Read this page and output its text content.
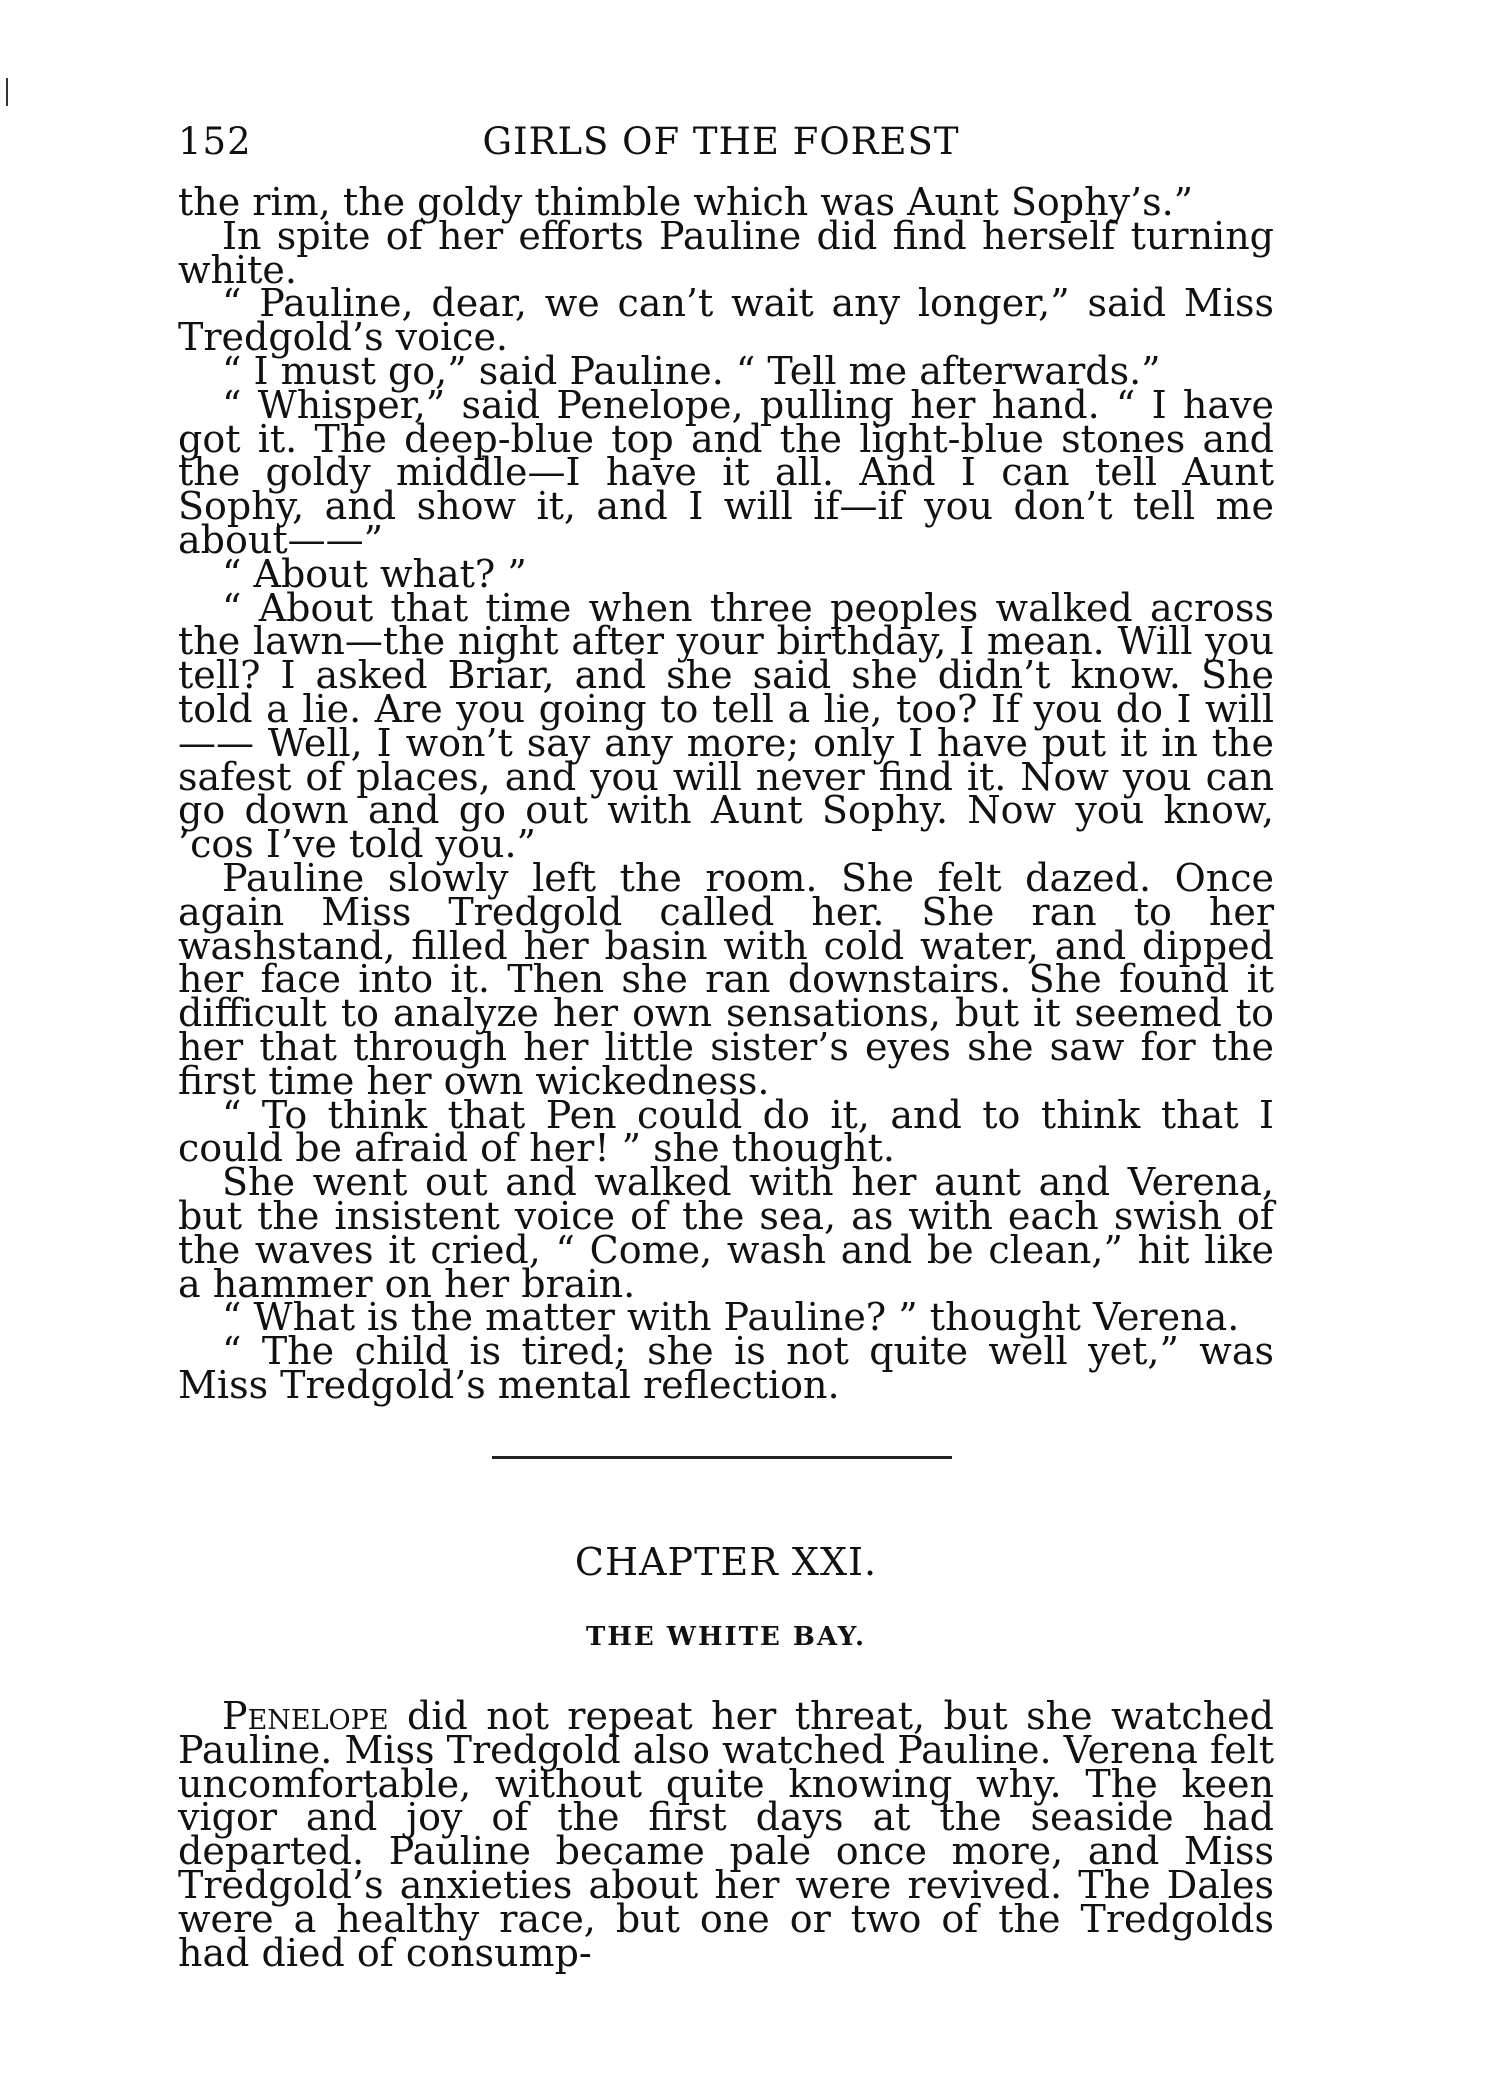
152	GIRLS OF THE FOREST

the rim, the goldy thimble which was Aunt Sophy’s.”

In spite of her efforts Pauline did find herself turning white.

“ Pauline, dear, we can’t wait any longer,” said Miss Tredgold’s voice.

“ I must go,” said Pauline. “ Tell me afterwards.”

“ Whisper,” said Penelope, pulling her hand. “ I have got it. The deep-blue top and the light-blue stones and the goldy middle—I have it all. And I can tell Aunt Sophy, and show it, and I will if—if you don’t tell me about——”

“ About what? ”

“ About that time when three peoples walked across the lawn—the night after your birthday, I mean. Will you tell? I asked Briar, and she said she didn’t know. She told a lie. Are you going to tell a lie, too? If you do I will—— Well, I won’t say any more; only I have put it in the safest of places, and you will never find it. Now you can go down and go out with Aunt Sophy. Now you know, ’cos I’ve told you.”

Pauline slowly left the room. She felt dazed. Once again Miss Tredgold called her. She ran to her washstand, filled her basin with cold water, and dipped her face into it. Then she ran downstairs. She found it difficult to analyze her own sensations, but it seemed to her that through her little sister’s eyes she saw for the first time her own wickedness.

“ To think that Pen could do it, and to think that I could be afraid of her! ” she thought.

She went out and walked with her aunt and Verena, but the insistent voice of the sea, as with each swish of the waves it cried, “ Come, wash and be clean,” hit like a hammer on her brain.

“ What is the matter with Pauline? ” thought Verena.

“ The child is tired; she is not quite well yet,” was Miss Tredgold’s mental reflection.

CHAPTER XXI.
THE WHITE BAY.

Penelope did not repeat her threat, but she watched Pauline. Miss Tredgold also watched Pauline. Verena felt uncomfortable, without quite knowing why. The keen vigor and joy of the first days at the seaside had departed. Pauline became pale once more, and Miss Tredgold’s anxieties about her were revived. The Dales were a healthy race, but one or two of the Tredgolds had died of consump-
